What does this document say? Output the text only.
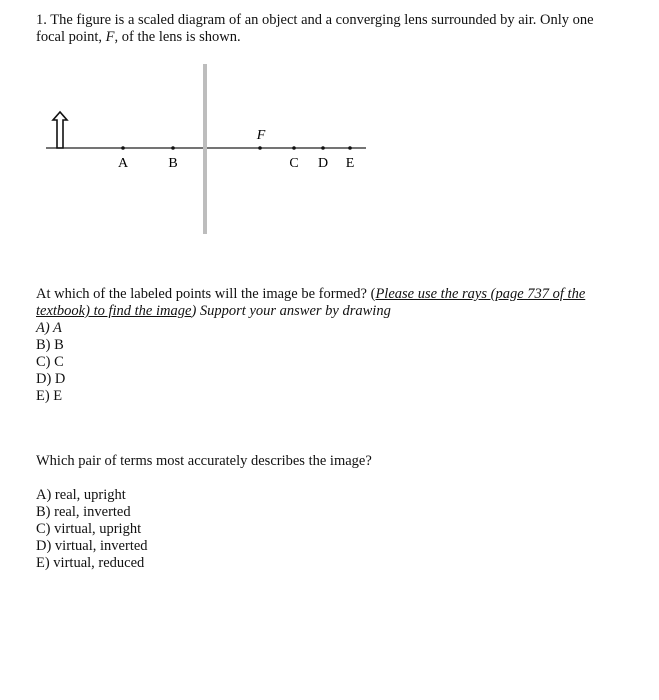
1. The figure is a scaled diagram of an object and a converging lens surrounded by air. Only one

focal point, F, of the lens is shown.

F
A	B	C D E

At which of the labeled points will the image be formed? (Please use the rays (page 737 of the

textbook) to find the image) Support your answer by drawing

A) A
B) B
C) C
D) D
E) E

Which pair of terms most accurately describes the image?

A) real, upright
B) real, inverted
C) virtual, upright
D) virtual, inverted
E) virtual, reduced
